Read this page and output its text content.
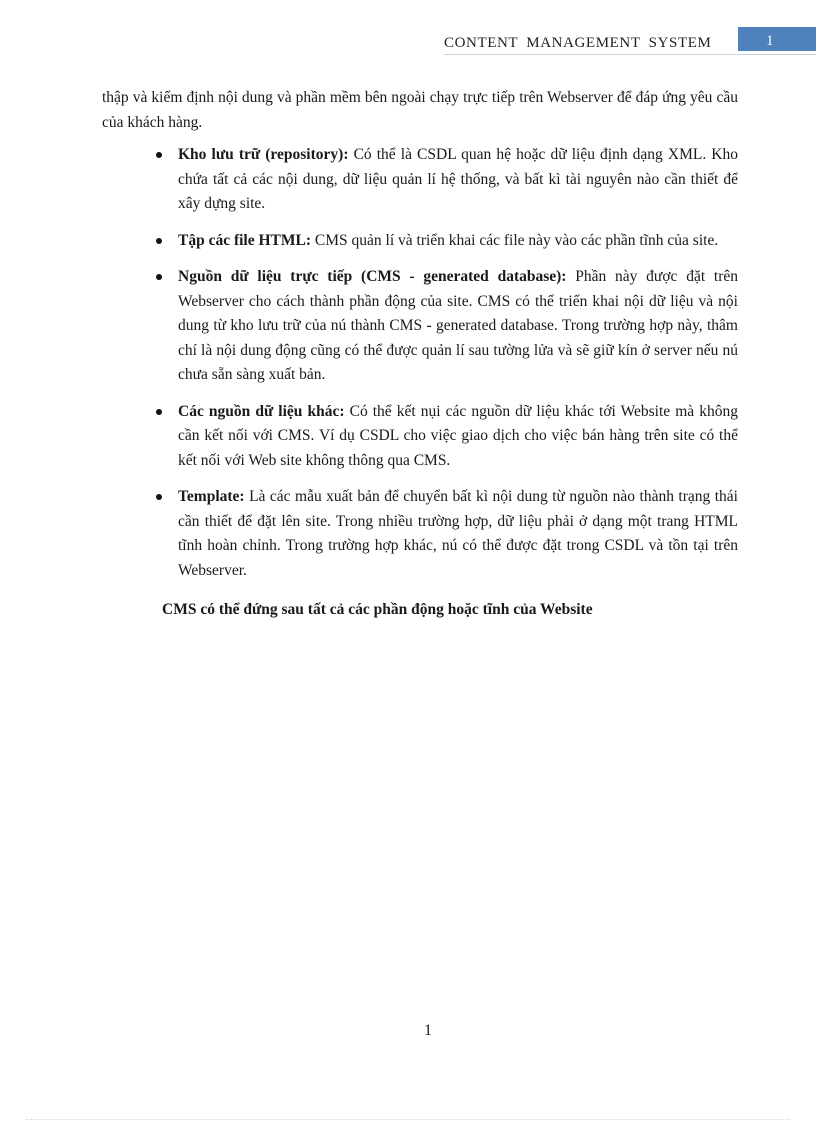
CONTENT MANAGEMENT SYSTEM	1
thập và kiểm định nội dung và phần mềm bên ngoài chạy trực tiếp trên Webserver để đáp ứng yêu cầu của khách hàng.
Kho lưu trữ (repository): Có thể là CSDL quan hệ hoặc dữ liệu định dạng XML. Kho chứa tất cả các nội dung, dữ liệu quản lí hệ thống, và bất kì tài nguyên nào cần thiết để xây dựng site.
Tập các file HTML: CMS quản lí và triển khai các file này vào các phần tĩnh của site.
Nguồn dữ liệu trực tiếp (CMS - generated database): Phần này được đặt trên Webserver cho cách thành phần động của site. CMS có thể triển khai nội dữ liệu và nội dung từ kho lưu trữ của nú thành CMS - generated database. Trong trường hợp này, thâm chí là nội dung động cũng có thể được quản lí sau tường lửa và sẽ giữ kín ở server nếu nú chưa sẵn sàng xuất bản.
Các nguồn dữ liệu khác: Có thể kết nụi các nguồn dữ liệu khác tới Website mà không cần kết nối với CMS. Ví dụ CSDL cho việc giao dịch cho việc bán hàng trên site có thể kết nối với Web site không thông qua CMS.
Template: Là các mẫu xuất bản để chuyển bất kì nội dung từ nguồn nào thành trạng thái cần thiết để đặt lên site. Trong nhiều trường hợp, dữ liệu phải ở dạng một trang HTML tĩnh hoàn chỉnh. Trong trường hợp khác, nú có thể được đặt trong CSDL và tồn tại trên Webserver.
CMS có thể đứng sau tất cả các phần động hoặc tĩnh của Website
1
